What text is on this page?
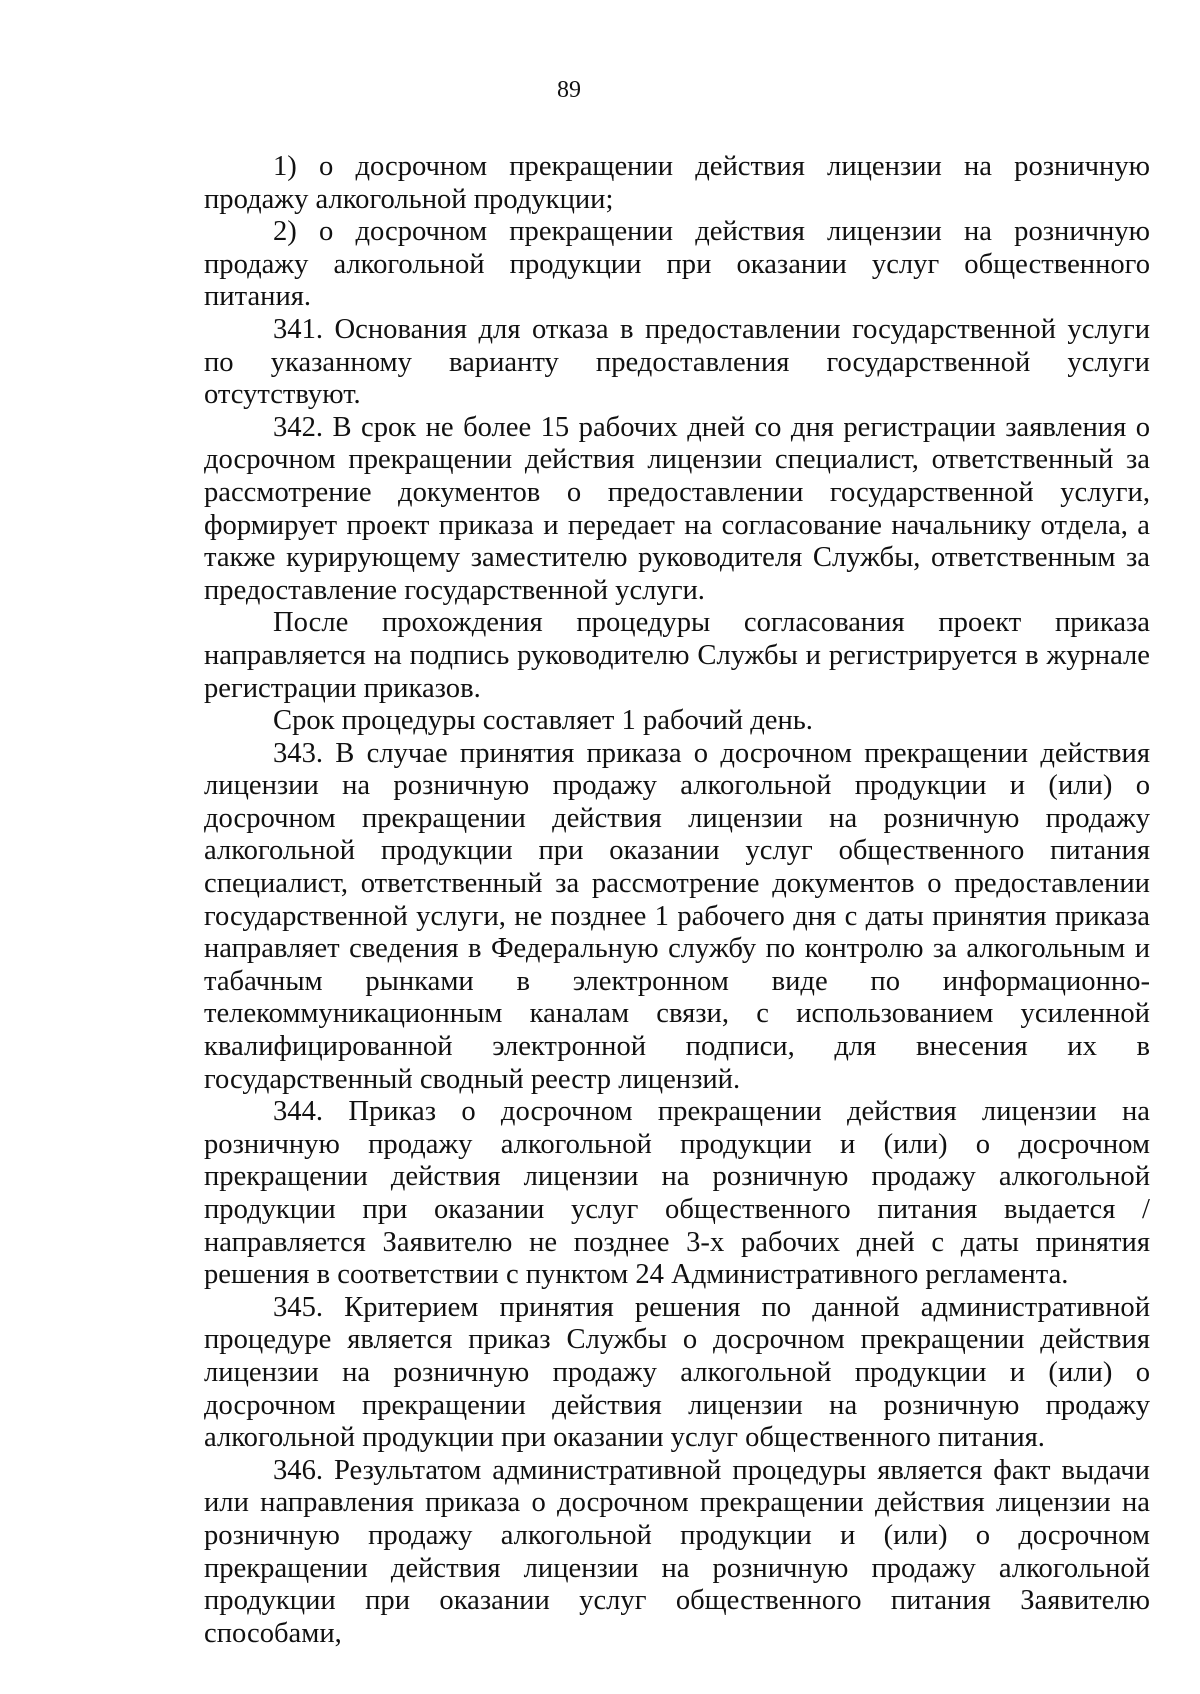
89

1) о досрочном прекращении действия лицензии на розничную продажу алкогольной продукции;

2) о досрочном прекращении действия лицензии на розничную продажу алкогольной продукции при оказании услуг общественного питания.

341. Основания для отказа в предоставлении государственной услуги по указанному варианту предоставления государственной услуги отсутствуют.

342. В срок не более 15 рабочих дней со дня регистрации заявления о досрочном прекращении действия лицензии специалист, ответственный за рассмотрение документов о предоставлении государственной услуги, формирует проект приказа и передает на согласование начальнику отдела, а также курирующему заместителю руководителя Службы, ответственным за предоставление государственной услуги.

После прохождения процедуры согласования проект приказа направляется на подпись руководителю Службы и регистрируется в журнале регистрации приказов.

Срок процедуры составляет 1 рабочий день.

343. В случае принятия приказа о досрочном прекращении действия лицензии на розничную продажу алкогольной продукции и (или) о досрочном прекращении действия лицензии на розничную продажу алкогольной продукции при оказании услуг общественного питания специалист, ответственный за рассмотрение документов о предоставлении государственной услуги, не позднее 1 рабочего дня с даты принятия приказа направляет сведения в Федеральную службу по контролю за алкогольным и табачным рынками в электронном виде по информационно-телекоммуникационным каналам связи, с использованием усиленной квалифицированной электронной подписи, для внесения их в государственный сводный реестр лицензий.

344. Приказ о досрочном прекращении действия лицензии на розничную продажу алкогольной продукции и (или) о досрочном прекращении действия лицензии на розничную продажу алкогольной продукции при оказании услуг общественного питания выдается / направляется Заявителю не позднее 3-х рабочих дней с даты принятия решения в соответствии с пунктом 24 Административного регламента.

345. Критерием принятия решения по данной административной процедуре является приказ Службы о досрочном прекращении действия лицензии на розничную продажу алкогольной продукции и (или) о досрочном прекращении действия лицензии на розничную продажу алкогольной продукции при оказании услуг общественного питания.

346. Результатом административной процедуры является факт выдачи или направления приказа о досрочном прекращении действия лицензии на розничную продажу алкогольной продукции и (или) о досрочном прекращении действия лицензии на розничную продажу алкогольной продукции при оказании услуг общественного питания Заявителю способами,
